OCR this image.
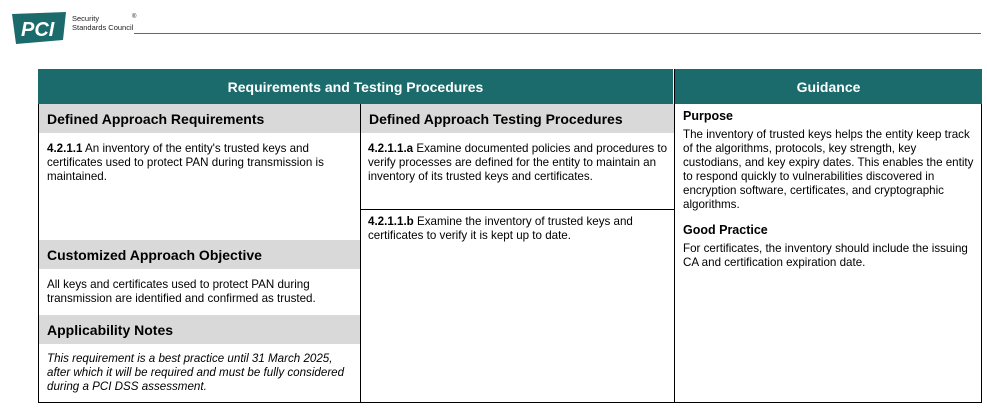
PCI
Security
Standards Council
®
Requirements and Testing Procedures	Guidance
Defined Approach Requirements
4.2.1.1 An inventory of the entity's trusted keys and certificates used to protect PAN during transmission is maintained.
Customized Approach Objective
All keys and certificates used to protect PAN during transmission are identified and confirmed as trusted.
Applicability Notes
This requirement is a best practice until 31 March 2025, after which it will be required and must be fully considered during a PCI DSS assessment.
Defined Approach Testing Procedures
4.2.1.1.a Examine documented policies and procedures to verify processes are defined for the entity to maintain an inventory of its trusted keys and certificates.
4.2.1.1.b Examine the inventory of trusted keys and certificates to verify it is kept up to date.
Purpose
The inventory of trusted keys helps the entity keep track of the algorithms, protocols, key strength, key custodians, and key expiry dates. This enables the entity to respond quickly to vulnerabilities discovered in encryption software, certificates, and cryptographic algorithms.
Good Practice
For certificates, the inventory should include the issuing CA and certification expiration date.
